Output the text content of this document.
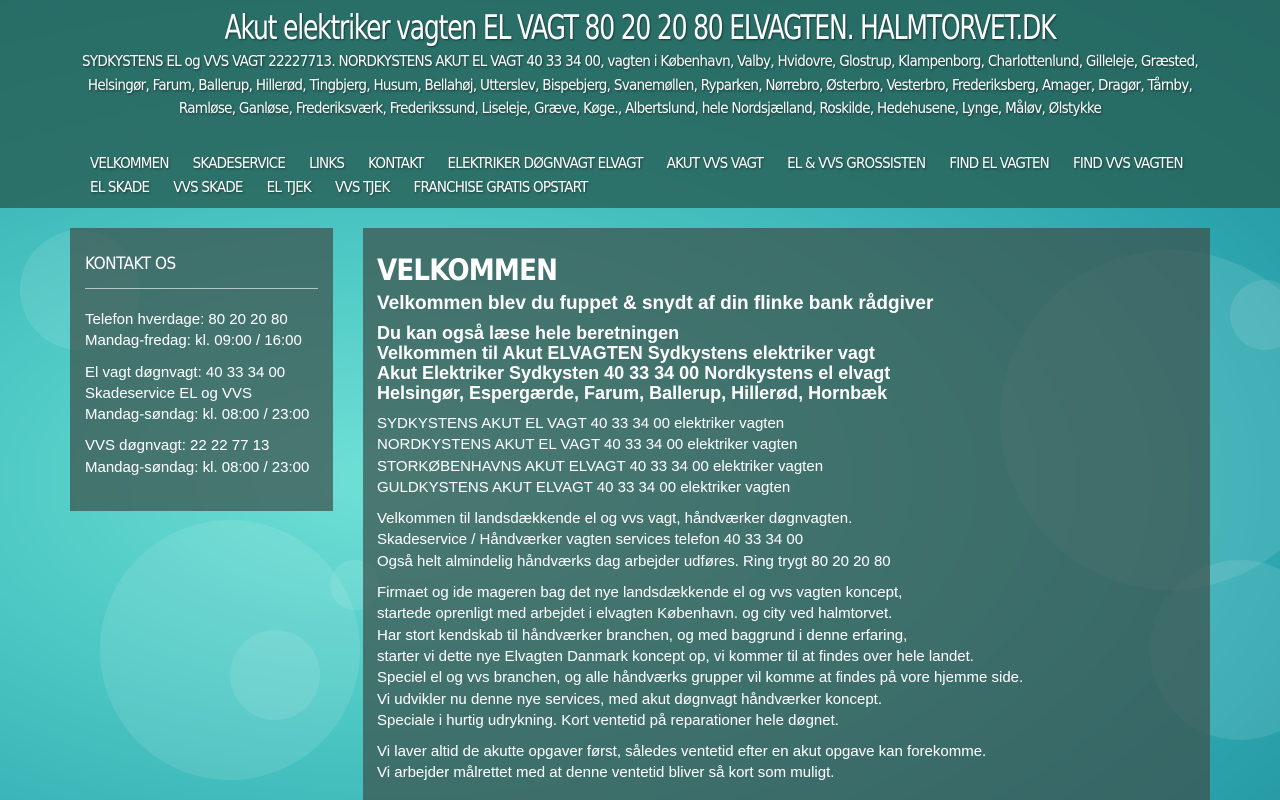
Akut elektriker vagten EL VAGT 80 20 20 80 ELVAGTEN. HALMTORVET.DK
SYDKYSTENS EL og VVS VAGT 22227713. NORDKYSTENS AKUT EL VAGT 40 33 34 00, vagten i København, Valby, Hvidovre, Glostrup, Klampenborg, Charlottenlund, Gilleleje, Græsted, Helsingør, Farum, Ballerup, Hillerød, Tingbjerg, Husum, Bellahøj, Utterslev, Bispebjerg, Svanemøllen, Ryparken, Nørrebro, Østerbro, Vesterbro, Frederiksberg, Amager, Dragør, Tårnby, Ramløse, Ganløse, Frederiksværk, Frederikssund, Liseleje, Græve, Køge., Albertslund, hele Nordsjælland, Roskilde, Hedehusene, Lynge, Måløv, Ølstykke
VELKOMMEN	SKADESERVICE	LINKS	KONTAKT	ELEKTRIKER DØGNVAGT ELVAGT	AKUT VVS VAGT	EL & VVS GROSSISTEN	FIND EL VAGTEN	FIND VVS VAGTEN
EL SKADE	VVS SKADE	EL TJEK	VVS TJEK	FRANCHISE GRATIS OPSTART
KONTAKT OS

Telefon hverdage: 80 20 20 80
Mandag-fredag: kl. 09:00 / 16:00

El vagt døgnvagt: 40 33 34 00
Skadeservice EL og VVS
Mandag-søndag: kl. 08:00 / 23:00

VVS døgnvagt: 22 22 77 13
Mandag-søndag: kl. 08:00 / 23:00

VELKOMMEN
Velkommen blev du fuppet & snydt af din flinke bank rådgiver
Du kan også læse hele beretningen
Velkommen til Akut ELVAGTEN Sydkystens elektriker vagt
Akut Elektriker Sydkysten 40 33 34 00 Nordkystens el elvagt
Helsingør, Espergærde, Farum, Ballerup, Hillerød, Hornbæk

SYDKYSTENS AKUT EL VAGT 40 33 34 00 elektriker vagten
NORDKYSTENS AKUT EL VAGT 40 33 34 00 elektriker vagten
STORKØBENHAVNS AKUT ELVAGT 40 33 34 00 elektriker vagten
GULDKYSTENS AKUT ELVAGT 40 33 34 00 elektriker vagten

Velkommen til landsdækkende el og vvs vagt, håndværker døgnvagten.
Skadeservice / Håndværker vagten services telefon 40 33 34 00
Også helt almindelig håndværks dag arbejder udføres. Ring trygt 80 20 20 80

Firmaet og ide mageren bag det nye landsdækkende el og vvs vagten koncept,
startede oprenligt med arbejdet i elvagten København. og city ved halmtorvet.
Har stort kendskab til håndværker branchen, og med baggrund i denne erfaring,
starter vi dette nye Elvagten Danmark koncept op, vi kommer til at findes over hele landet.
Speciel el og vvs branchen, og alle håndværks grupper vil komme at findes på vore hjemme side.
Vi udvikler nu denne nye services, med akut døgnvagt håndværker koncept.
Speciale i hurtig udrykning. Kort ventetid på reparationer hele døgnet.

Vi laver altid de akutte opgaver først, således ventetid efter en akut opgave kan forekomme.
Vi arbejder målrettet med at denne ventetid bliver så kort som muligt.
